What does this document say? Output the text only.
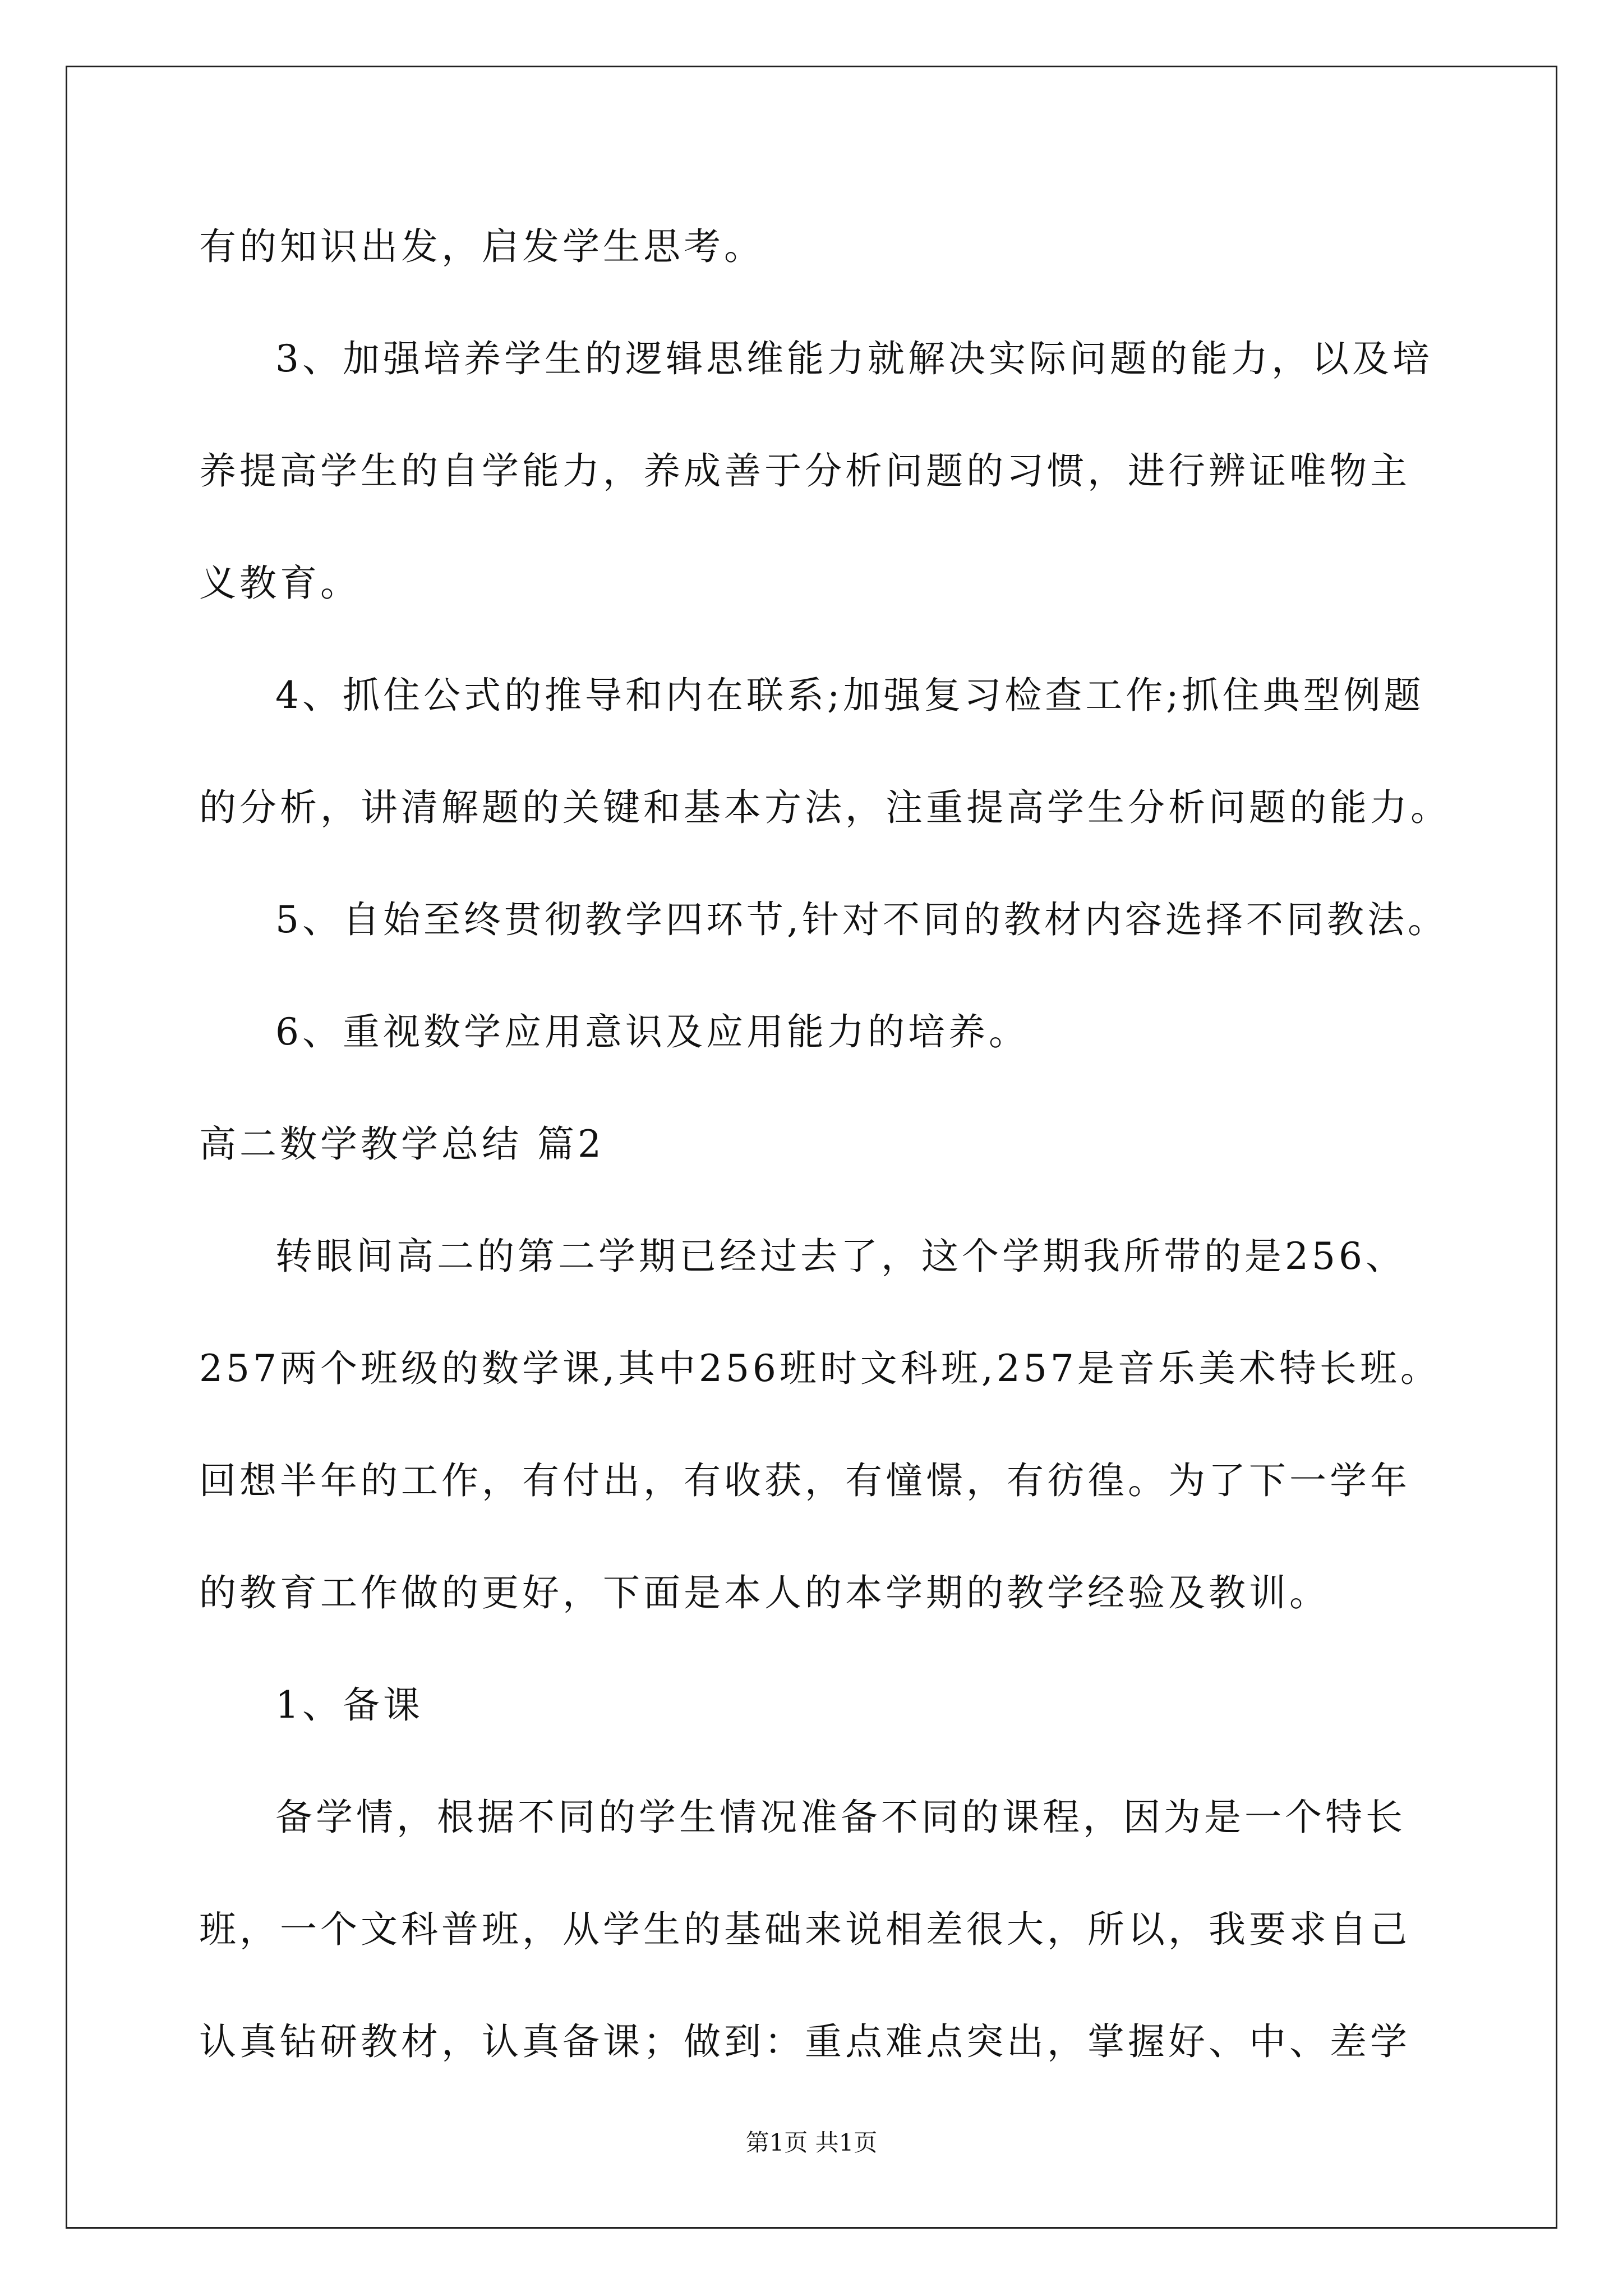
有的知识出发，启发学生思考。
3、加强培养学生的逻辑思维能力就解决实际问题的能力，以及培
养提高学生的自学能力，养成善于分析问题的习惯，进行辨证唯物主
义教育。
4、抓住公式的推导和内在联系;加强复习检查工作;抓住典型例题
的分析，讲清解题的关键和基本方法，注重提高学生分析问题的能力。
5、自始至终贯彻教学四环节,针对不同的教材内容选择不同教法。
6、重视数学应用意识及应用能力的培养。
高二数学教学总结 篇2
转眼间高二的第二学期已经过去了，这个学期我所带的是256、
257两个班级的数学课,其中256班时文科班,257是音乐美术特长班。
回想半年的工作，有付出，有收获，有憧憬，有彷徨。为了下一学年
的教育工作做的更好，下面是本人的本学期的教学经验及教训。
1、备课
备学情，根据不同的学生情况准备不同的课程，因为是一个特长
班，一个文科普班，从学生的基础来说相差很大，所以，我要求自己
认真钻研教材，认真备课；做到：重点难点突出，掌握好、中、差学
第1页 共1页
